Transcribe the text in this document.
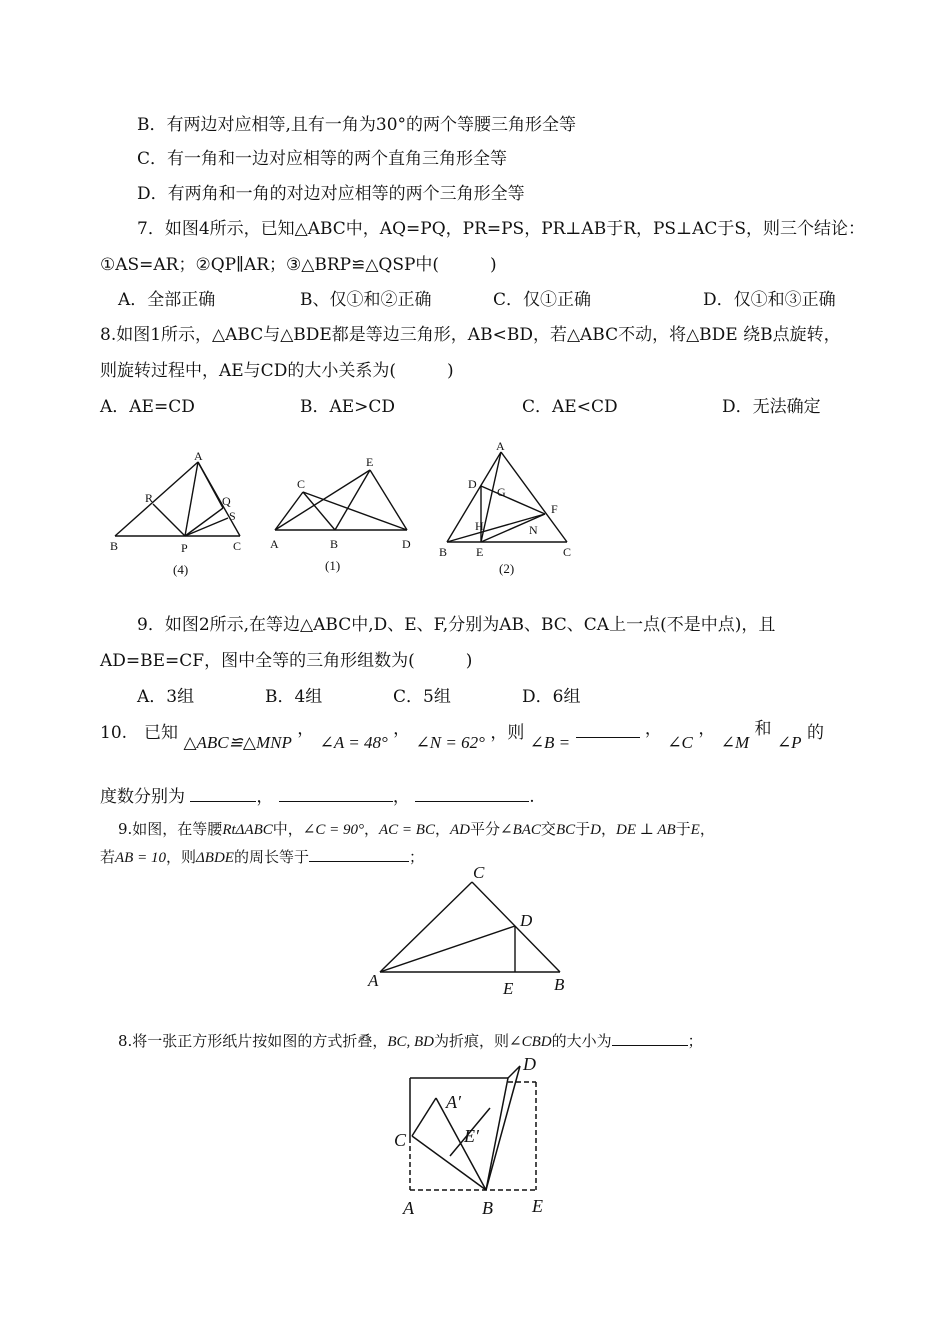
B．有两边对应相等,且有一角为30°的两个等腰三角形全等
C．有一角和一边对应相等的两个直角三角形全等
D．有两角和一角的对边对应相等的两个三角形全等
7．如图4所示，已知△ABC中，AQ=PQ，PR=PS，PR⊥AB于R，PS⊥AC于S，则三个结论：
①AS=AR；②QP∥AR；③△BRP≌△QSP中(　　　)
A．全部正确	B、仅①和②正确	C．仅①正确	D．仅①和③正确
8.如图1所示，△ABC与△BDE都是等边三角形，AB<BD，若△ABC不动，将△BDE 绕B点旋转，
则旋转过程中，AE与CD的大小关系为(　　　)
A．AE=CD	B．AE>CD	C．AE<CD	D．无法确定
A
R	Q
S
B	P	C
(4)
C
E
A	B	D
(1)
A
D
G
F
H	N
B E	C
(2)
9．如图2所示,在等边△ABC中,D、E、F,分别为AB、BC、CA上一点(不是中点)，且
AD=BE=CF，图中全等的三角形组数为(　　　)
A．3组	B．4组	C．5组	D．6组
10.　已知 △ABC≌△MNP ， ∠A = 48° ， ∠N = 62° ，则 ∠B =  ， ∠C ， ∠M 和 ∠P 的
度数分别为	，	，	.
9.如图，在等腰RtΔABC中，∠C = 90°，AC = BC，AD平分∠BAC交BC于D，DE ⊥ AB于E，
若AB = 10，则ΔBDE的周长等于	；
C
D
A	E B
8.将一张正方形纸片按如图的方式折叠，BC, BD为折痕，则∠CBD的大小为	；
D
A′
C	E′
A	B E
